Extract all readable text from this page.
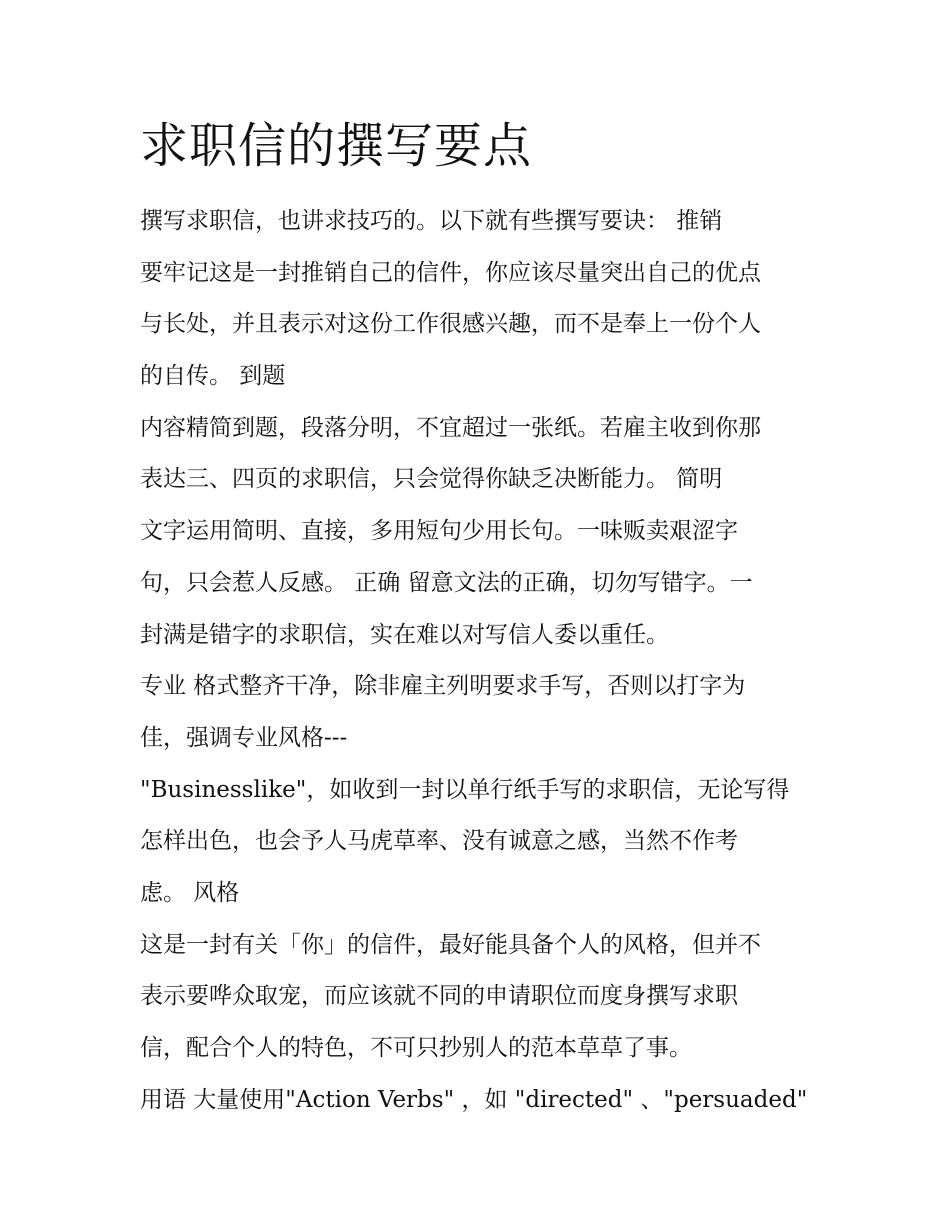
求职信的撰写要点
撰写求职信，也讲求技巧的。以下就有些撰写要诀： 推销
要牢记这是一封推销自己的信件，你应该尽量突出自己的优点
与长处，并且表示对这份工作很感兴趣，而不是奉上一份个人
的自传。 到题
内容精简到题，段落分明，不宜超过一张纸。若雇主收到你那
表达三、四页的求职信，只会觉得你缺乏决断能力。 简明
文字运用简明、直接，多用短句少用长句。一味贩卖艰涩字
句，只会惹人反感。 正确 留意文法的正确，切勿写错字。一
封满是错字的求职信，实在难以对写信人委以重任。
专业 格式整齐干净，除非雇主列明要求手写，否则以打字为
佳，强调专业风格---
"Businesslike"，如收到一封以单行纸手写的求职信，无论写得
怎样出色，也会予人马虎草率、没有诚意之感，当然不作考
虑。 风格
这是一封有关「你」的信件，最好能具备个人的风格，但并不
表示要哗众取宠，而应该就不同的申请职位而度身撰写求职
信，配合个人的特色，不可只抄别人的范本草草了事。
用语 大量使用"Action Verbs" ，如 "directed" 、"persuaded"
